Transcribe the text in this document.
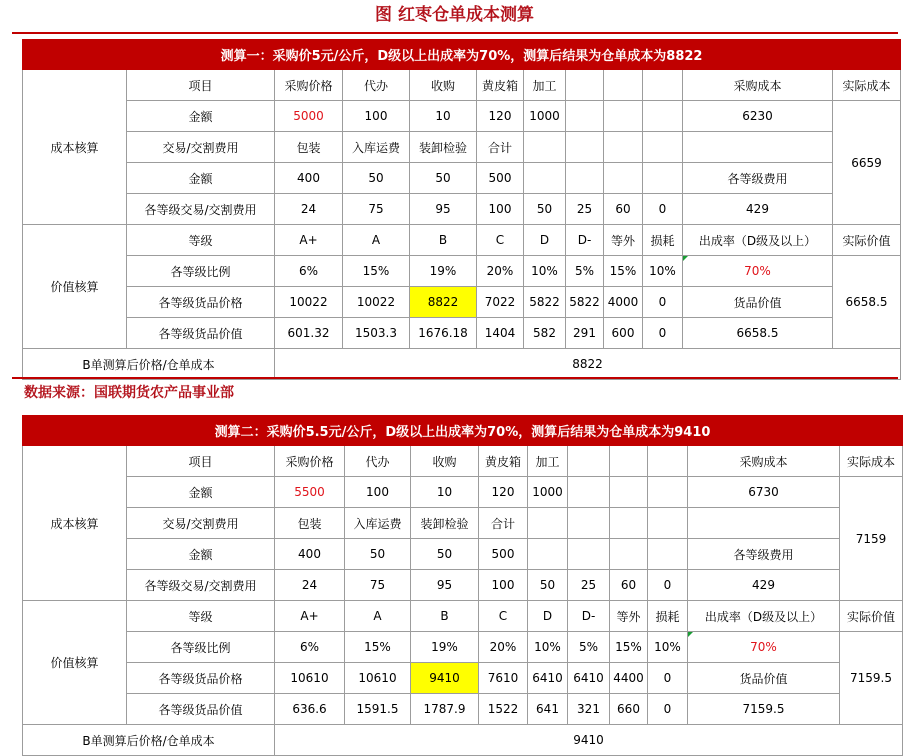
图 红枣仓单成本测算
测算一：采购价5元/公斤，D级以上出成率为70%，测算后结果为仓单成本为8822											
成本核算	项目	采购价格	代办	收购	黄皮箱	加工				采购成本	实际成本
	金额	5000	100	10	120	1000				6230	6659
	交易/交割费用	包装	入库运费	装卸检验	合计						
	金额	400	50	50	500					各等级费用	
	各等级交易/交割费用	24	75	95	100	50	25	60	0	429	
价值核算	等级	A+	A	B	C	D	D-	等外	损耗	出成率（D级及以上）	实际价值
	各等级比例	6%	15%	19%	20%	10%	5%	15%	10%	70%	6658.5
	各等级货品价格	10022	10022	8822	7022	5822	5822	4000	0	货品价值	
	各等级货品价值	601.32	1503.3	1676.18	1404	582	291	600	0	6658.5	
B单测算后价格/仓单成本		8822									
数据来源：国联期货农产品事业部
测算二：采购价5.5元/公斤，D级以上出成率为70%，测算后结果为仓单成本为9410											
成本核算	项目	采购价格	代办	收购	黄皮箱	加工				采购成本	实际成本
	金额	5500	100	10	120	1000				6730	7159
	交易/交割费用	包装	入库运费	装卸检验	合计						
	金额	400	50	50	500					各等级费用	
	各等级交易/交割费用	24	75	95	100	50	25	60	0	429	
价值核算	等级	A+	A	B	C	D	D-	等外	损耗	出成率（D级及以上）	实际价值
	各等级比例	6%	15%	19%	20%	10%	5%	15%	10%	70%	7159.5
	各等级货品价格	10610	10610	9410	7610	6410	6410	4400	0	货品价值	
	各等级货品价值	636.6	1591.5	1787.9	1522	641	321	660	0	7159.5	
B单测算后价格/仓单成本		9410									
